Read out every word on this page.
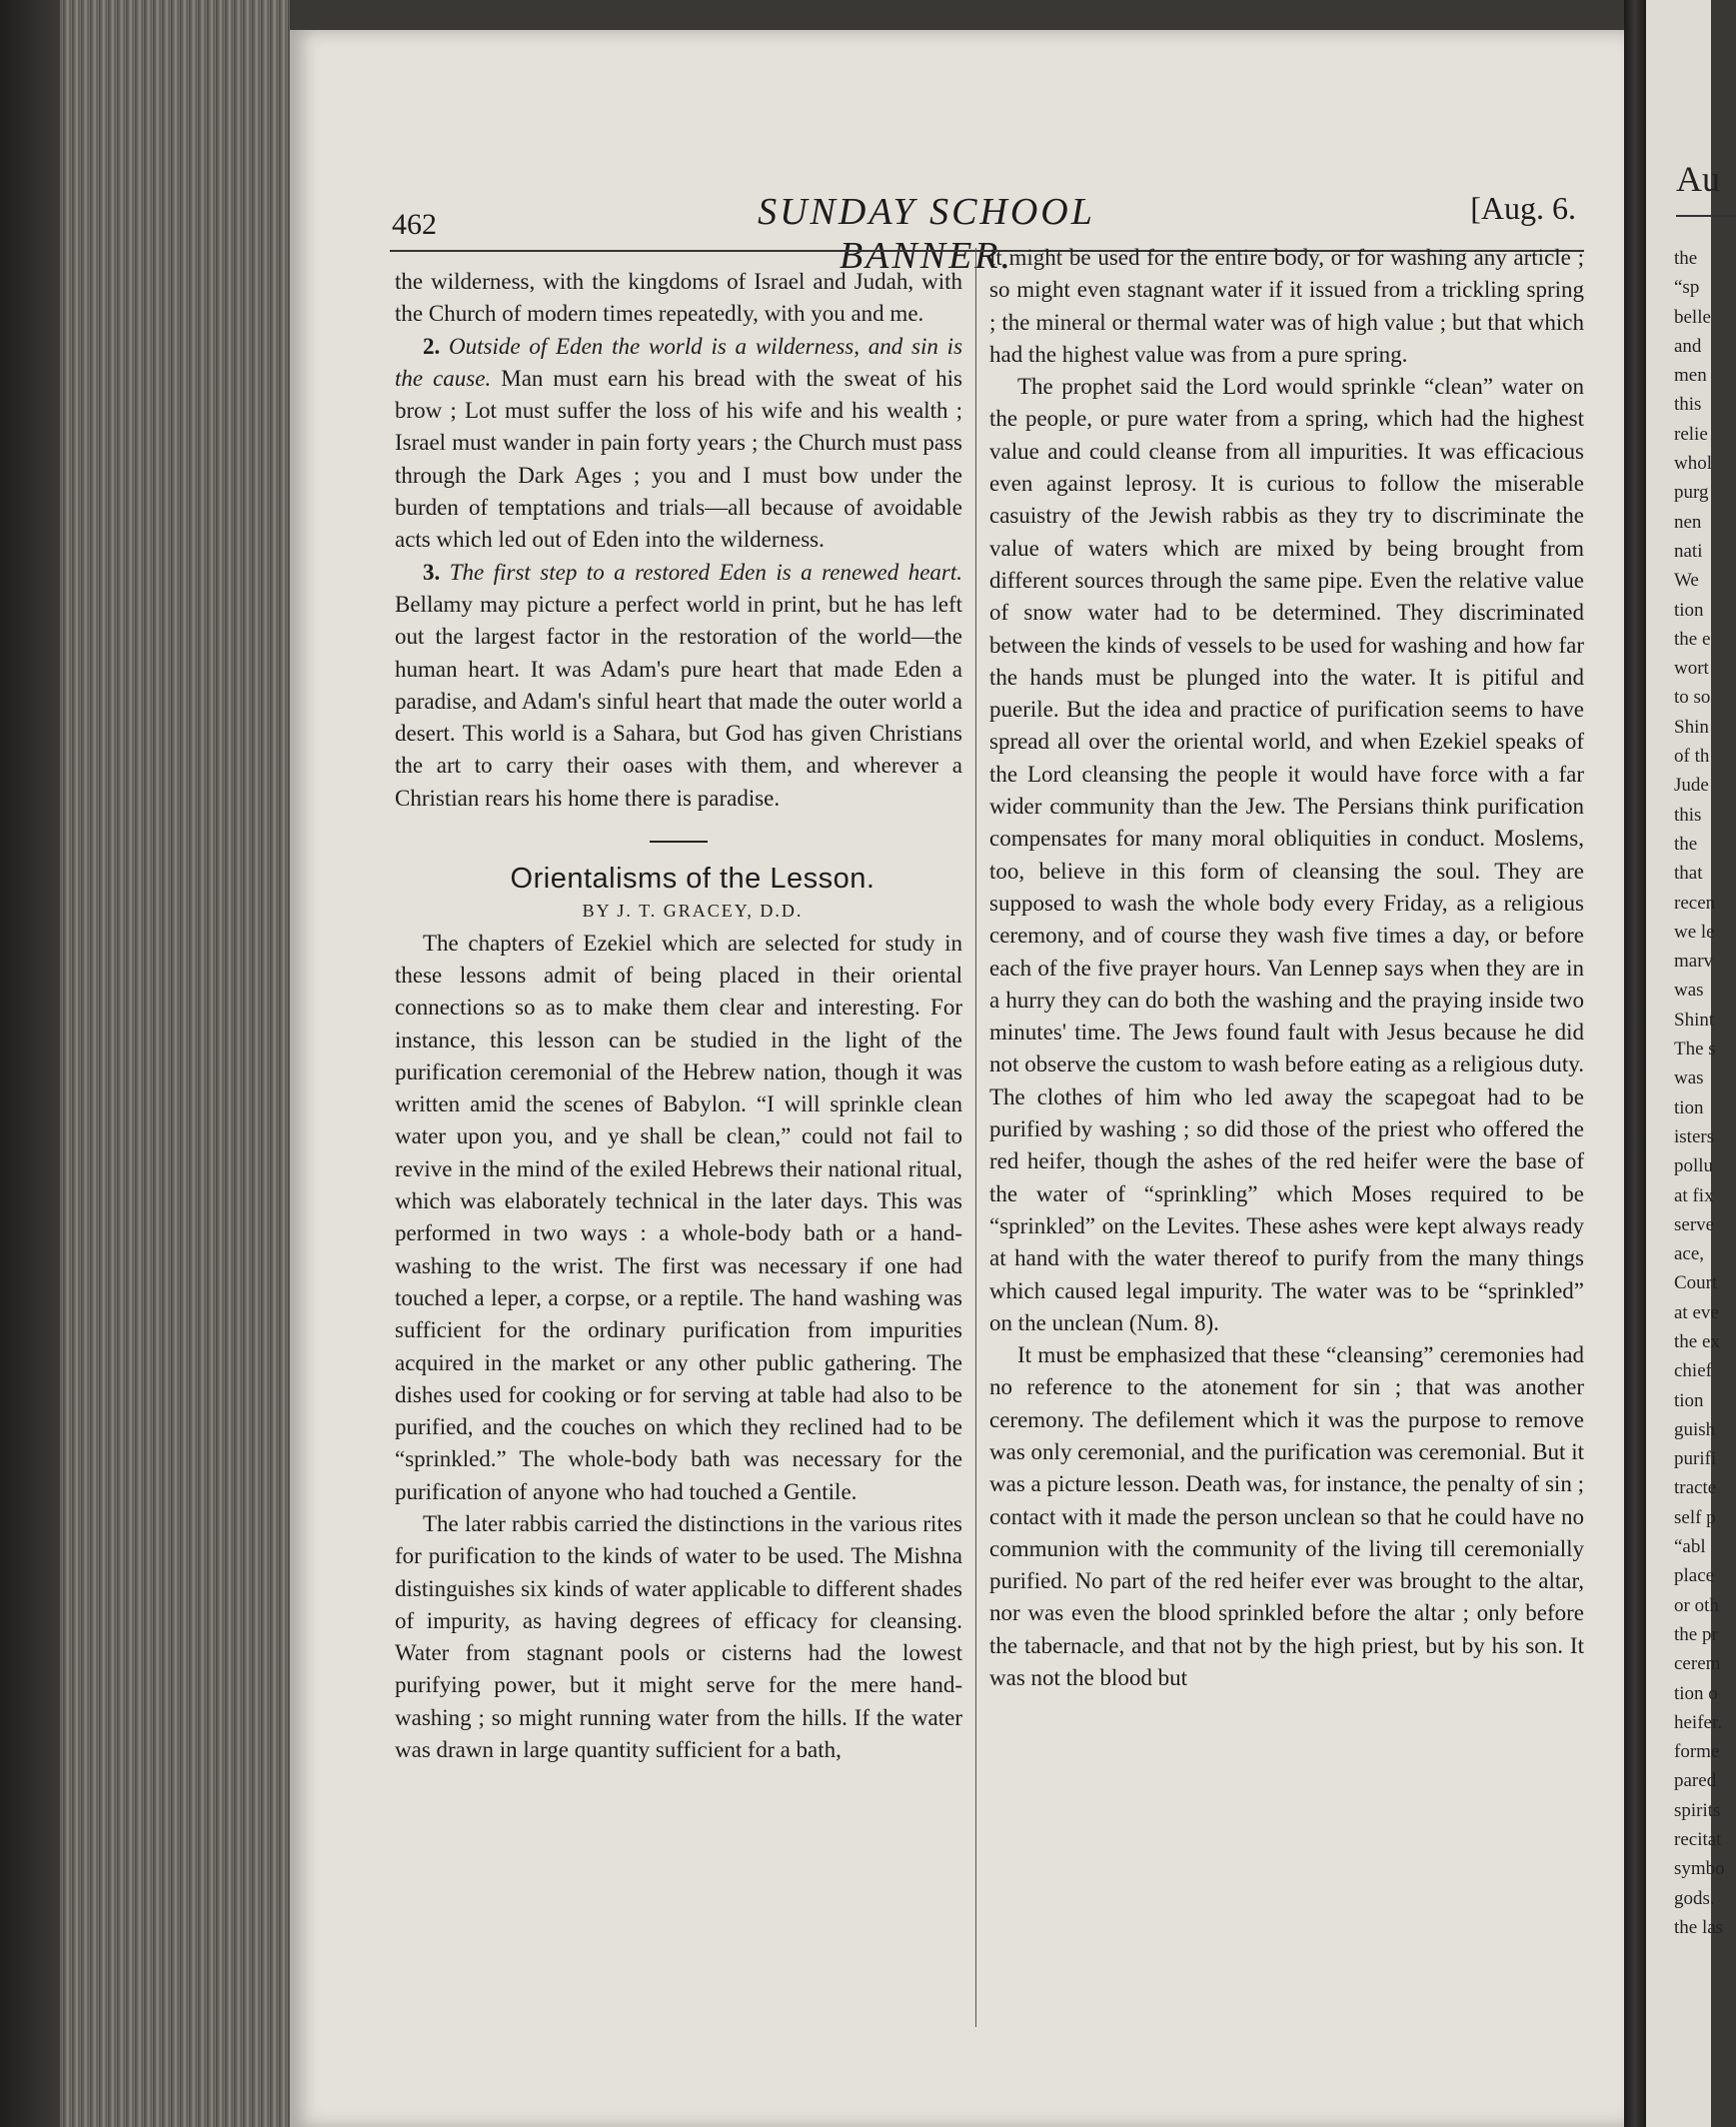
462	SUNDAY SCHOOL BANNER.
[Aug. 6.

the wilderness, with the kingdoms of Israel and Judah, with the Church of modern times repeatedly, with you and me.

2. Outside of Eden the world is a wilderness, and sin is the cause. Man must earn his bread with the sweat of his brow ; Lot must suffer the loss of his wife and his wealth ; Israel must wander in pain forty years ; the Church must pass through the Dark Ages ; you and I must bow under the burden of temptations and trials—all because of avoidable acts which led out of Eden into the wilderness.

3. The first step to a restored Eden is a renewed heart. Bellamy may picture a perfect world in print, but he has left out the largest factor in the restoration of the world—the human heart. It was Adam's pure heart that made Eden a paradise, and Adam's sinful heart that made the outer world a desert. This world is a Sahara, but God has given Christians the art to carry their oases with them, and wherever a Christian rears his home there is paradise.

Orientalisms of the Lesson.

BY J. T. GRACEY, D.D.

The chapters of Ezekiel which are selected for study in these lessons admit of being placed in their oriental connections so as to make them clear and interesting. For instance, this lesson can be studied in the light of the purification ceremonial of the Hebrew nation, though it was written amid the scenes of Babylon. “I will sprinkle clean water upon you, and ye shall be clean,” could not fail to revive in the mind of the exiled Hebrews their national ritual, which was elaborately technical in the later days. This was performed in two ways : a whole-body bath or a hand-washing to the wrist. The first was necessary if one had touched a leper, a corpse, or a reptile. The hand washing was sufficient for the ordinary purification from impurities acquired in the market or any other public gathering. The dishes used for cooking or for serving at table had also to be purified, and the couches on which they reclined had to be “sprinkled.” The whole-body bath was necessary for the purification of anyone who had touched a Gentile.

The later rabbis carried the distinctions in the various rites for purification to the kinds of water to be used. The Mishna distinguishes six kinds of water applicable to different shades of impurity, as having degrees of efficacy for cleansing. Water from stagnant pools or cisterns had the lowest purifying power, but it might serve for the mere hand-washing ; so might running water from the hills. If the water was drawn in large quantity sufficient for a bath,

it might be used for the entire body, or for washing any article ; so might even stagnant water if it issued from a trickling spring ; the mineral or thermal water was of high value ; but that which had the highest value was from a pure spring.

The prophet said the Lord would sprinkle “clean” water on the people, or pure water from a spring, which had the highest value and could cleanse from all impurities. It was efficacious even against leprosy. It is curious to follow the miserable casuistry of the Jewish rabbis as they try to discriminate the value of waters which are mixed by being brought from different sources through the same pipe. Even the relative value of snow water had to be determined. They discriminated between the kinds of vessels to be used for washing and how far the hands must be plunged into the water. It is pitiful and puerile. But the idea and practice of purification seems to have spread all over the oriental world, and when Ezekiel speaks of the Lord cleansing the people it would have force with a far wider community than the Jew. The Persians think purification compensates for many moral obliquities in conduct. Moslems, too, believe in this form of cleansing the soul. They are supposed to wash the whole body every Friday, as a religious ceremony, and of course they wash five times a day, or before each of the five prayer hours. Van Lennep says when they are in a hurry they can do both the washing and the praying inside two minutes' time. The Jews found fault with Jesus because he did not observe the custom to wash before eating as a religious duty. The clothes of him who led away the scapegoat had to be purified by washing ; so did those of the priest who offered the red heifer, though the ashes of the red heifer were the base of the water of “sprinkling” which Moses required to be “sprinkled” on the Levites. These ashes were kept always ready at hand with the water thereof to purify from the many things which caused legal impurity. The water was to be “sprinkled” on the unclean (Num. 8).

It must be emphasized that these “cleansing” ceremonies had no reference to the atonement for sin ; that was another ceremony. The defilement which it was the purpose to remove was only ceremonial, and the purification was ceremonial. But it was a picture lesson. Death was, for instance, the penalty of sin ; contact with it made the person unclean so that he could have no communion with the community of the living till ceremonially purified. No part of the red heifer ever was brought to the altar, nor was even the blood sprinkled before the altar ; only before the tabernacle, and that not by the high priest, but by his son. It was not the blood but

Au
the
“sp
belle
and
men
this
relie
whol
purg
nen
nati
We
tion
the e
wort
to so
Shin
of th
Jude
this
the
that
recen
we le
marv
was
Shint
The s
was
tion
isters
pollu
at fix
serve
ace,
Court
at eve
the ex
chief
tion
guish
purifi
tracte
self p
“abl
place
or oth
the pr
cerem
tion o
heifer.
forme
pared
spirits
recitat
symbo
gods.
the las
